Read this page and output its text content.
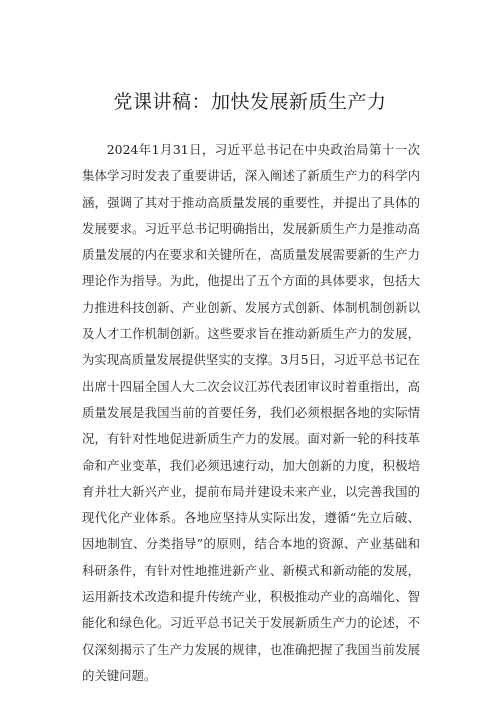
党课讲稿：加快发展新质生产力

2024年1月31日，习近平总书记在中央政治局第十一次集体学习时发表了重要讲话，深入阐述了新质生产力的科学内涵，强调了其对于推动高质量发展的重要性，并提出了具体的发展要求。习近平总书记明确指出，发展新质生产力是推动高质量发展的内在要求和关键所在，高质量发展需要新的生产力理论作为指导。为此，他提出了五个方面的具体要求，包括大力推进科技创新、产业创新、发展方式创新、体制机制创新以及人才工作机制创新。这些要求旨在推动新质生产力的发展，为实现高质量发展提供坚实的支撑。3月5日，习近平总书记在出席十四届全国人大二次会议江苏代表团审议时着重指出，高质量发展是我国当前的首要任务，我们必须根据各地的实际情况，有针对性地促进新质生产力的发展。面对新一轮的科技革命和产业变革，我们必须迅速行动，加大创新的力度，积极培育并壮大新兴产业，提前布局并建设未来产业，以完善我国的现代化产业体系。各地应坚持从实际出发，遵循“先立后破、因地制宜、分类指导”的原则，结合本地的资源、产业基础和科研条件，有针对性地推进新产业、新模式和新动能的发展，运用新技术改造和提升传统产业，积极推动产业的高端化、智能化和绿色化。习近平总书记关于发展新质生产力的论述，不仅深刻揭示了生产力发展的规律，也准确把握了我国当前发展的关键问题。
